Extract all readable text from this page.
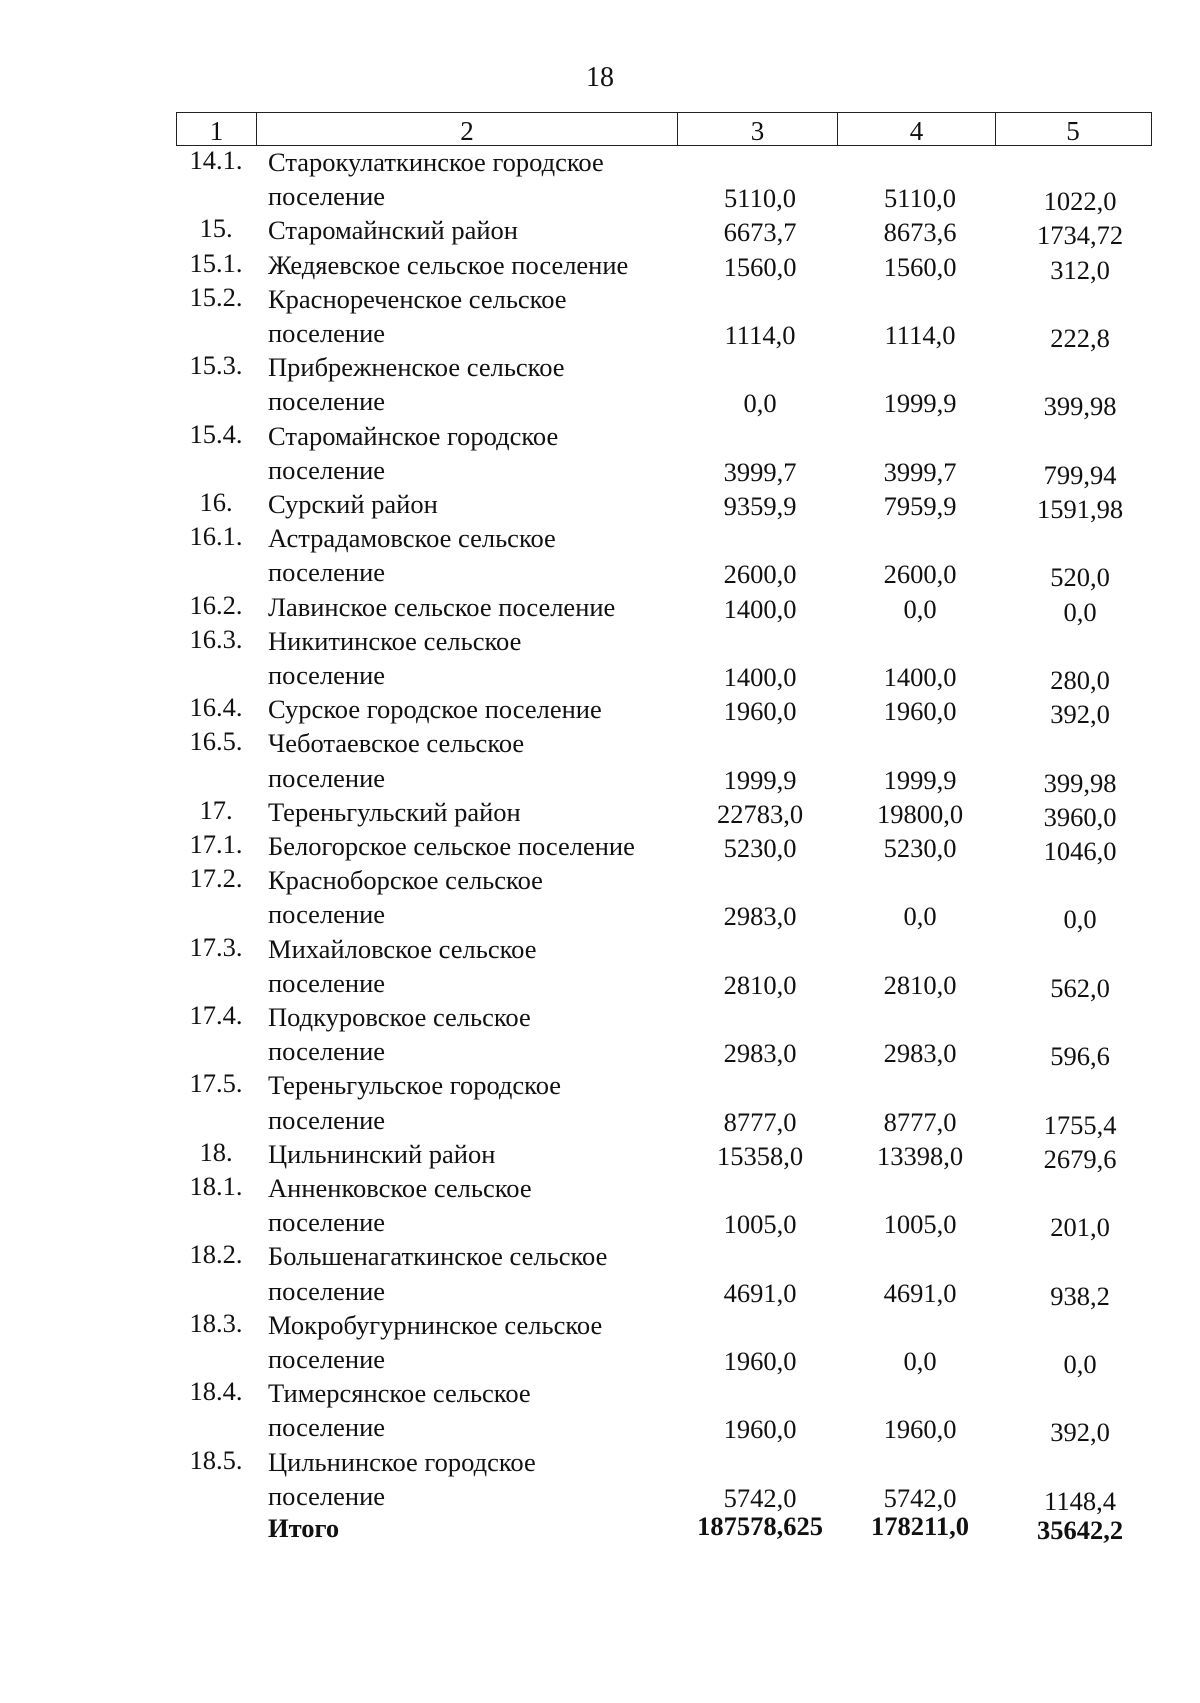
18
1	2	3	4	5
14.1. Старокулаткинское городское
поселение	5110,0	5110,0	1022,0
15.	Старомайнский район	6673,7	8673,6	1734,72
15.1. Жедяевское сельское поселение	1560,0	1560,0	312,0
15.2. Краснореченское сельское
поселение	1114,0	1114,0	222,8
15.3. Прибрежненское сельское
поселение	0,0	1999,9	399,98
15.4. Старомайнское городское
поселение	3999,7	3999,7	799,94
16.	Сурский район	9359,9	7959,9	1591,98
16.1. Астрадамовское сельское
поселение	2600,0	2600,0	520,0
16.2. Лавинское сельское поселение	1400,0	0,0	0,0
16.3. Никитинское сельское
поселение	1400,0	1400,0	280,0
16.4. Сурское городское поселение	1960,0	1960,0	392,0
16.5. Чеботаевское сельское
поселение	1999,9	1999,9	399,98
17.	Тереньгульский район	22783,0	19800,0	3960,0
17.1. Белогорское сельское поселение	5230,0	5230,0	1046,0
17.2. Красноборское сельское
поселение	2983,0	0,0	0,0
17.3. Михайловское сельское
поселение	2810,0	2810,0	562,0
17.4. Подкуровское сельское
поселение	2983,0	2983,0	596,6
17.5. Тереньгульское городское
поселение	8777,0	8777,0	1755,4
18.	Цильнинский район	15358,0	13398,0	2679,6
18.1. Анненковское сельское
поселение	1005,0	1005,0	201,0
18.2. Большенагаткинское сельское
поселение	4691,0	4691,0	938,2
18.3. Мокробугурнинское сельское
поселение	1960,0	0,0	0,0
18.4. Тимерсянское сельское
поселение	1960,0	1960,0	392,0
18.5. Цильнинское городское
поселение	5742,0	5742,0	1148,4
Итого	187578,625	178211,0	35642,2
